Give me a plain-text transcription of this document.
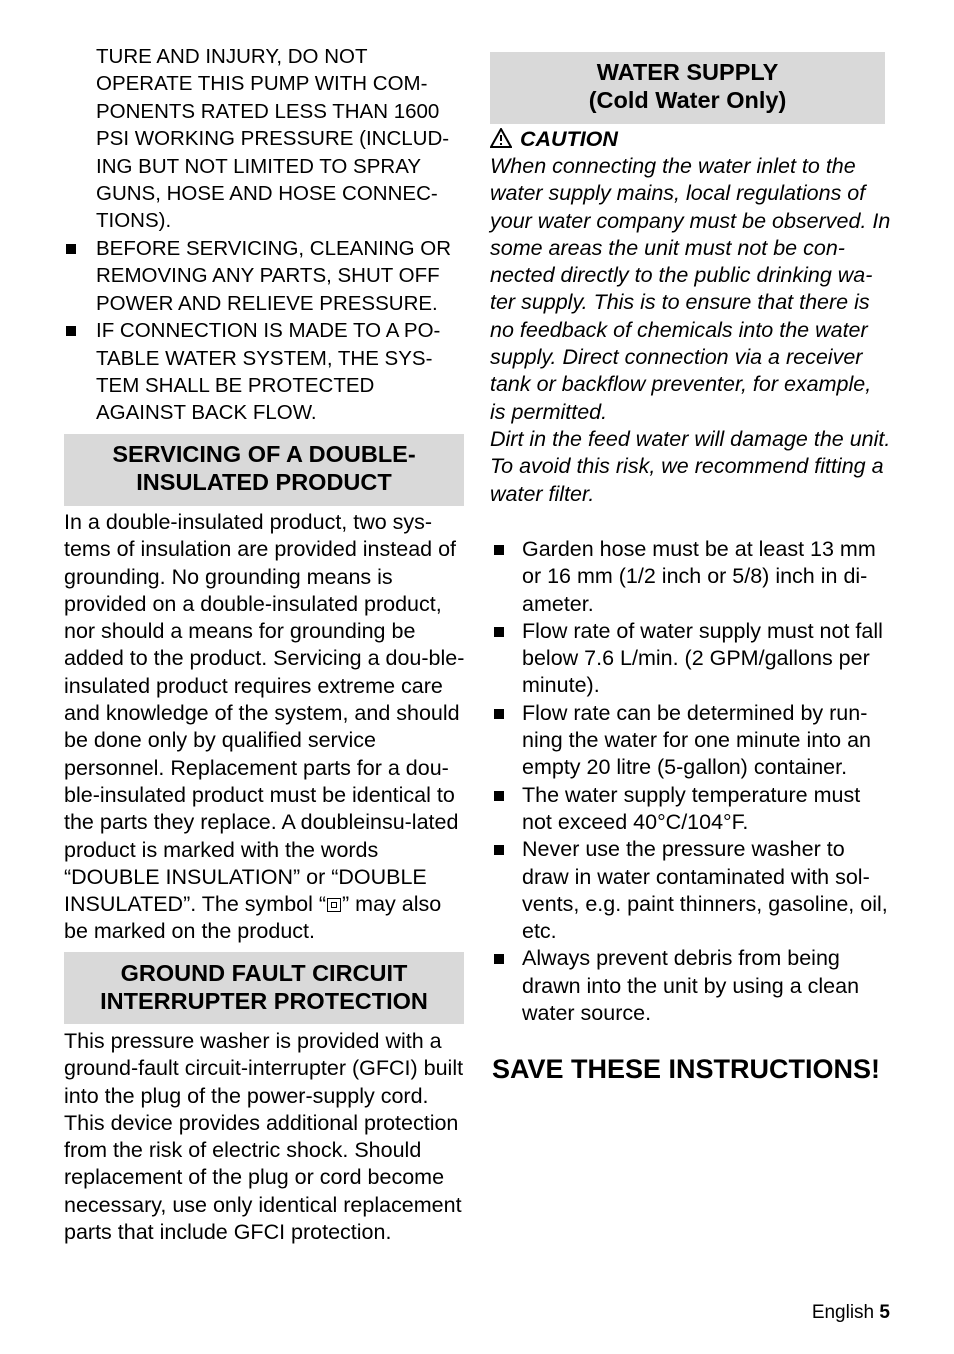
TURE AND INJURY, DO NOT OPERATE THIS PUMP WITH COM-PONENTS RATED LESS THAN 1600 PSI WORKING PRESSURE (INCLUD-ING BUT NOT LIMITED TO SPRAY GUNS, HOSE AND HOSE CONNEC-TIONS).

BEFORE SERVICING, CLEANING OR REMOVING ANY PARTS, SHUT OFF POWER AND RELIEVE PRESSURE.
IF CONNECTION IS MADE TO A PO-TABLE WATER SYSTEM, THE SYS-TEM SHALL BE PROTECTED AGAINST BACK FLOW.
SERVICING OF A DOUBLE-
INSULATED PRODUCT

In a double-insulated product, two sys-tems of insulation are provided instead of grounding. No grounding means is provided on a double-insulated product, nor should a means for grounding be added to the product. Servicing a dou-ble-insulated product requires extreme care and knowledge of the system, and should be done only by qualified service personnel. Replacement parts for a dou-ble-insulated product must be identical to the parts they replace. A doubleinsu-lated product is marked with the words “DOUBLE INSULATION” or “DOUBLE INSULATED”. The symbol “ ” may also be marked on the product.

GROUND FAULT CIRCUIT
INTERRUPTER PROTECTION

This pressure washer is provided with a ground-fault circuit-interrupter (GFCI) built into the plug of the power-supply cord. This device provides additional protection from the risk of electric shock. Should replacement of the plug or cord become necessary, use only identical replacement parts that include GFCI protection.

WATER SUPPLY
(Cold Water Only)
CAUTION
When connecting the water inlet to the water supply mains, local regulations of your water company must be observed. In some areas the unit must not be con-nected directly to the public drinking wa-ter supply. This is to ensure that there is no feedback of chemicals into the water supply. Direct connection via a receiver tank or backflow preventer, for example, is permitted.
Dirt in the feed water will damage the unit. To avoid this risk, we recommend fitting a water filter.
Garden hose must be at least 13 mm or 16 mm (1/2 inch or 5/8) inch in di-ameter.
Flow rate of water supply must not fall below 7.6 L/min. (2 GPM/gallons per minute).
Flow rate can be determined by run-ning the water for one minute into an empty 20 litre (5-gallon) container.
The water supply temperature must not exceed 40°C/104°F.
Never use the pressure washer to draw in water contaminated with sol-vents, e.g. paint thinners, gasoline, oil, etc.
Always prevent debris from being drawn into the unit by using a clean water source.
SAVE THESE INSTRUCTIONS!
English 5
